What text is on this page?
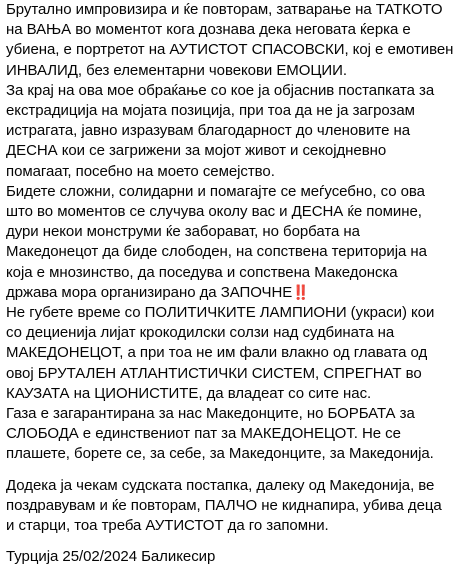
Брутално импровизира и ќе повторам, затварање на ТАТКОТО
на ВАЊА во моментот кога дознава дека неговата ќерка е
убиена, е портретот на АУТИСТОТ СПАСОВСКИ, кој е емотивен
ИНВАЛИД, без елементарни човекови ЕМОЦИИ.
За крај на ова мое обраќање со кое ја објаснив постапката за
екстрадиција на мојата позиција, при тоа да не ја загрозам
истрагата, јавно изразувам благодарност до членовите на
ДЕСНА кои се загрижени за мојот живот и секојдневно
помагаат, посебно на моето семејство.
Бидете сложни, солидарни и помагајте се меѓусебно, со ова
што во моментов се случува околу вас и ДЕСНА ќе помине,
дури некои монструми ќе заборават, но борбата на
Македонецот да биде слободен, на сопствена територија на
која е мнозинство, да поседува и сопствена Македонска
држава мора организирано да ЗАПОЧНЕ‼️
Не губете време со ПОЛИТИЧКИТЕ ЛАМПИОНИ (украси) кои
со дециенија лијат крокодилски солзи над судбината на
МАКЕДОНЕЦОТ, а при тоа не им фали влакно од главата од
овој БРУТАЛЕН АТЛАНТИСТИЧКИ СИСТЕМ, СПРЕГНАТ во
КАУЗАТА на ЦИОНИСТИТЕ, да владеат со сите нас.
Газа е загарантирана за нас Македонците, но БОРБАТА за
СЛОБОДА е единствениот пат за МАКЕДОНЕЦОТ. Не се
плашете, борете се, за себе, за Македонците, за Македонија.
Додека ја чекам судската постапка, далеку од Македонија, ве
поздравувам и ќе повторам, ПАЛЧО не киднапира, убива деца
и старци, тоа треба АУТИСТОТ да го запомни.
Турција 25/02/2024 Баликесир
